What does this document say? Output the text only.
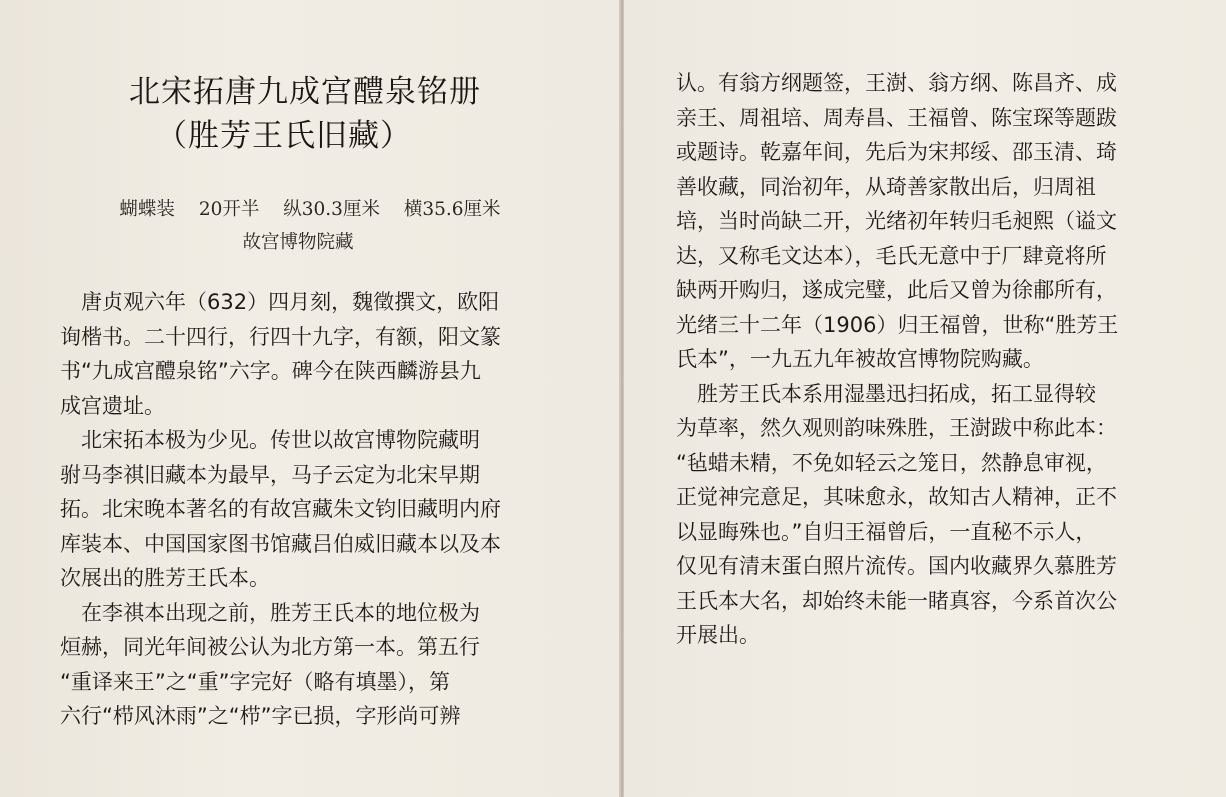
北宋拓唐九成宫醴泉铭册
（胜芳王氏旧藏）
蝴蝶装 20开半 纵30.3厘米 横35.6厘米
故宫博物院藏
　唐贞观六年（632）四月刻，魏徵撰文，欧阳
询楷书。二十四行，行四十九字，有额，阳文篆
书“九成宫醴泉铭”六字。碑今在陕西麟游县九
成宫遗址。
　北宋拓本极为少见。传世以故宫博物院藏明
驸马李祺旧藏本为最早，马子云定为北宋早期
拓。北宋晚本著名的有故宫藏朱文钧旧藏明内府
库装本、中国国家图书馆藏吕伯威旧藏本以及本
次展出的胜芳王氏本。
　在李祺本出现之前，胜芳王氏本的地位极为
烜赫，同光年间被公认为北方第一本。第五行
“重译来王”之“重”字完好（略有填墨），第
六行“栉风沐雨”之“栉”字已损，字形尚可辨
认。有翁方纲题签，王澍、翁方纲、陈昌齐、成
亲王、周祖培、周寿昌、王福曾、陈宝琛等题跋
或题诗。乾嘉年间，先后为宋邦绥、邵玉清、琦
善收藏，同治初年，从琦善家散出后，归周祖
培，当时尚缺二开，光绪初年转归毛昶熙（谥文
达，又称毛文达本），毛氏无意中于厂肆竟将所
缺两开购归，遂成完璧，此后又曾为徐郙所有，
光绪三十二年（1906）归王福曾，世称“胜芳王
氏本”，一九五九年被故宫博物院购藏。
　胜芳王氏本系用湿墨迅扫拓成，拓工显得较
为草率，然久观则韵味殊胜，王澍跋中称此本：
“毡蜡未精，不免如轻云之笼日，然静息审视，
正觉神完意足，其味愈永，故知古人精神，正不
以显晦殊也。”自归王福曾后，一直秘不示人，
仅见有清末蛋白照片流传。国内收藏界久慕胜芳
王氏本大名，却始终未能一睹真容，今系首次公
开展出。
